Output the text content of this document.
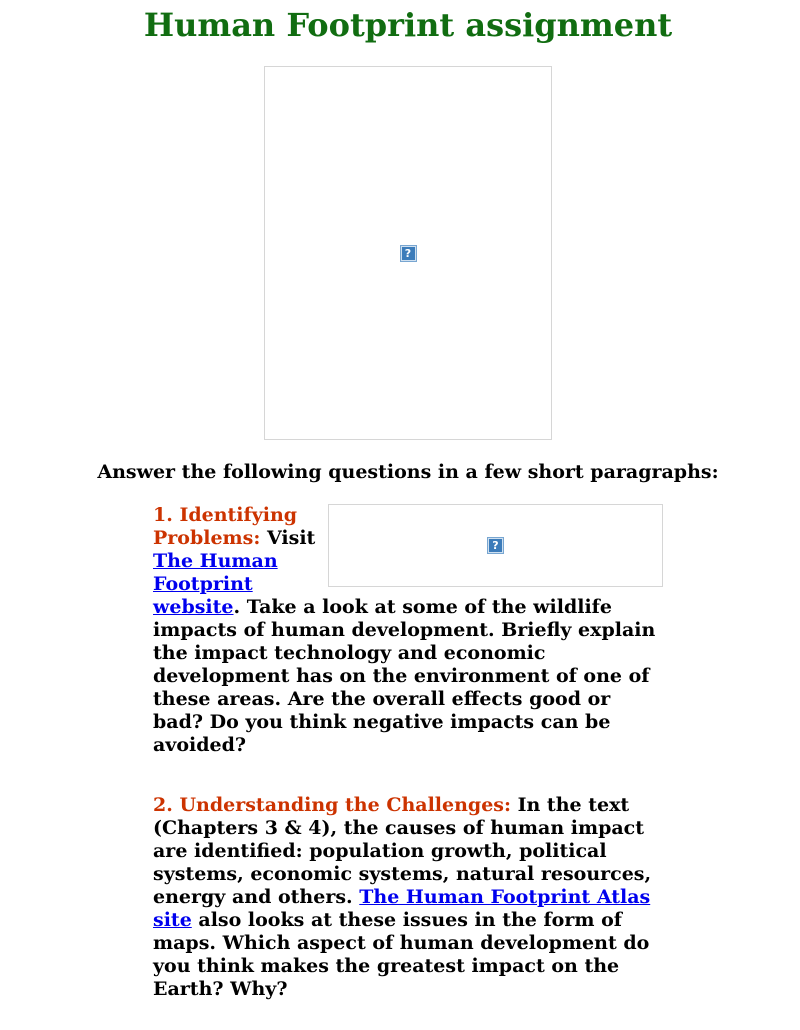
Human Footprint assignment
?

Answer the following questions in a few short paragraphs:

?
1. Identifying Problems: Visit The Human Footprint website. Take a look at some of the wildlife impacts of human development. Briefly explain the impact technology and economic development has on the environment of one of these areas. Are the overall effects good or bad? Do you think negative impacts can be avoided?

2. Understanding the Challenges: In the text (Chapters 3 & 4), the causes of human impact are identified: population growth, political systems, economic systems, natural resources, energy and others. The Human Footprint Atlas site also looks at these issues in the form of maps. Which aspect of human development do you think makes the greatest impact on the Earth? Why?
